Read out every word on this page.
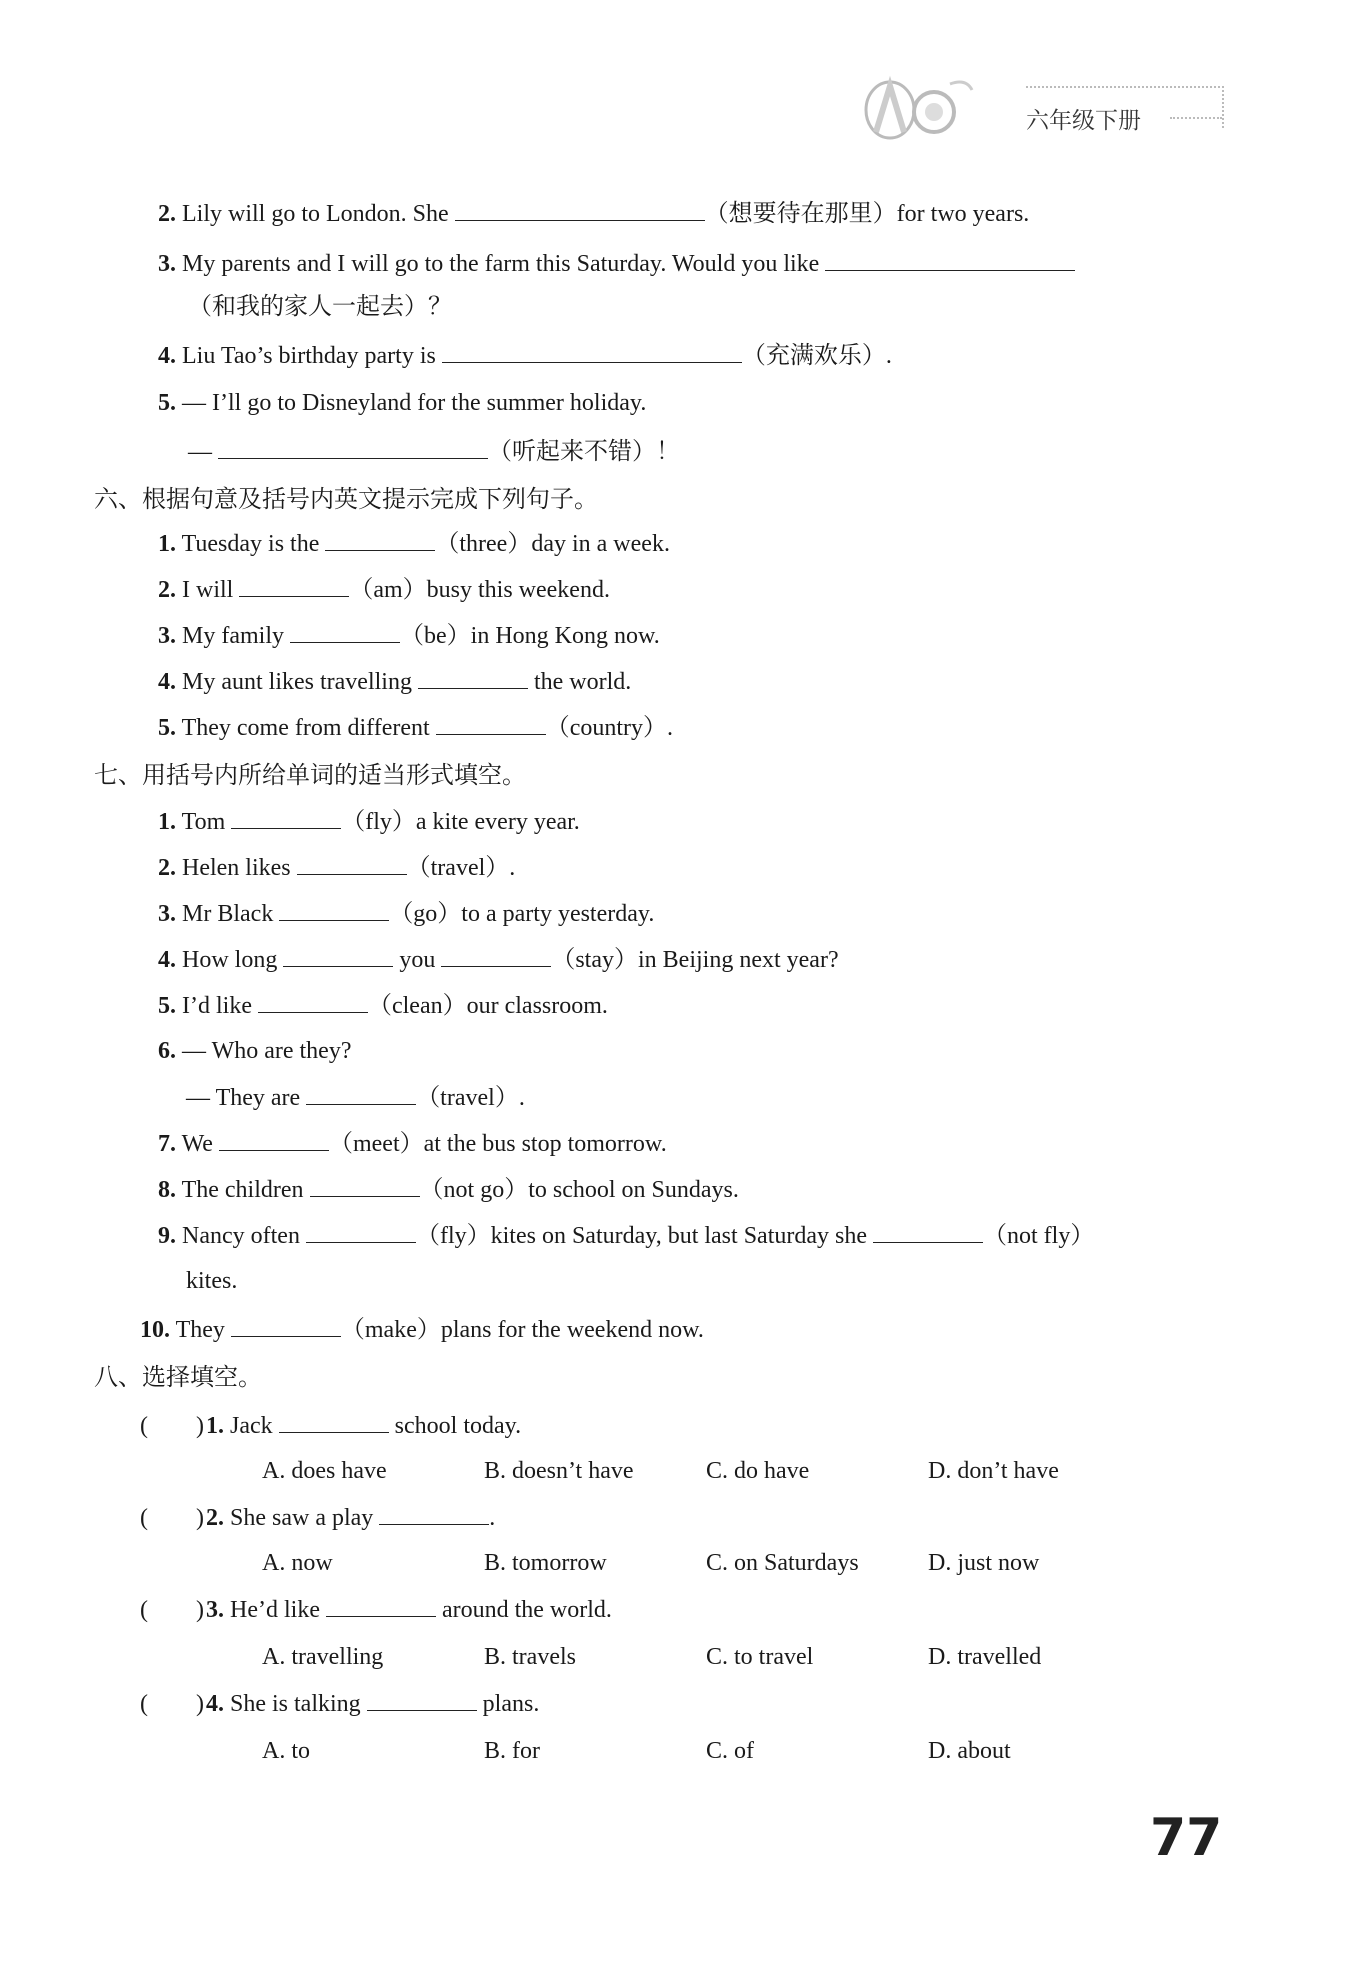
六年级下册
2. Lily will go to London. She	（想要待在那里）for two years.
3. My parents and I will go to the farm this Saturday. Would you like
（和我的家人一起去）？
4. Liu Tao’s birthday party is	（充满欢乐）.
5. — I’ll go to Disneyland for the summer holiday.
—	（听起来不错）！
六、根据句意及括号内英文提示完成下列句子。
1. Tuesday is the	（three）day in a week.
2. I will	（am）busy this weekend.
3. My family	（be）in Hong Kong now.
4. My aunt likes travelling	the world.
5. They come from different	（country）.
七、用括号内所给单词的适当形式填空。
1. Tom	（fly）a kite every year.
2. Helen likes	（travel）.
3. Mr Black	（go）to a party yesterday.
4. How long	you	（stay）in Beijing next year?
5. I’d like	（clean）our classroom.
6. — Who are they?
— They are	（travel）.
7. We	（meet）at the bus stop tomorrow.
8. The children	（not go）to school on Sundays.
9. Nancy often	（fly）kites on Saturday, but last Saturday she	（not fly）
kites.
10. They	（make）plans for the weekend now.
八、选择填空。
(　　) 1. Jack	school today.
A. does have	B. doesn’t have	C. do have	D. don’t have
(　　) 2. She saw a play	.
A. now	B. tomorrow	C. on Saturdays	D. just now
(　　) 3. He’d like	around the world.
A. travelling	B. travels	C. to travel	D. travelled
(　　) 4. She is talking	plans.
A. to	B. for	C. of	D. about
77
